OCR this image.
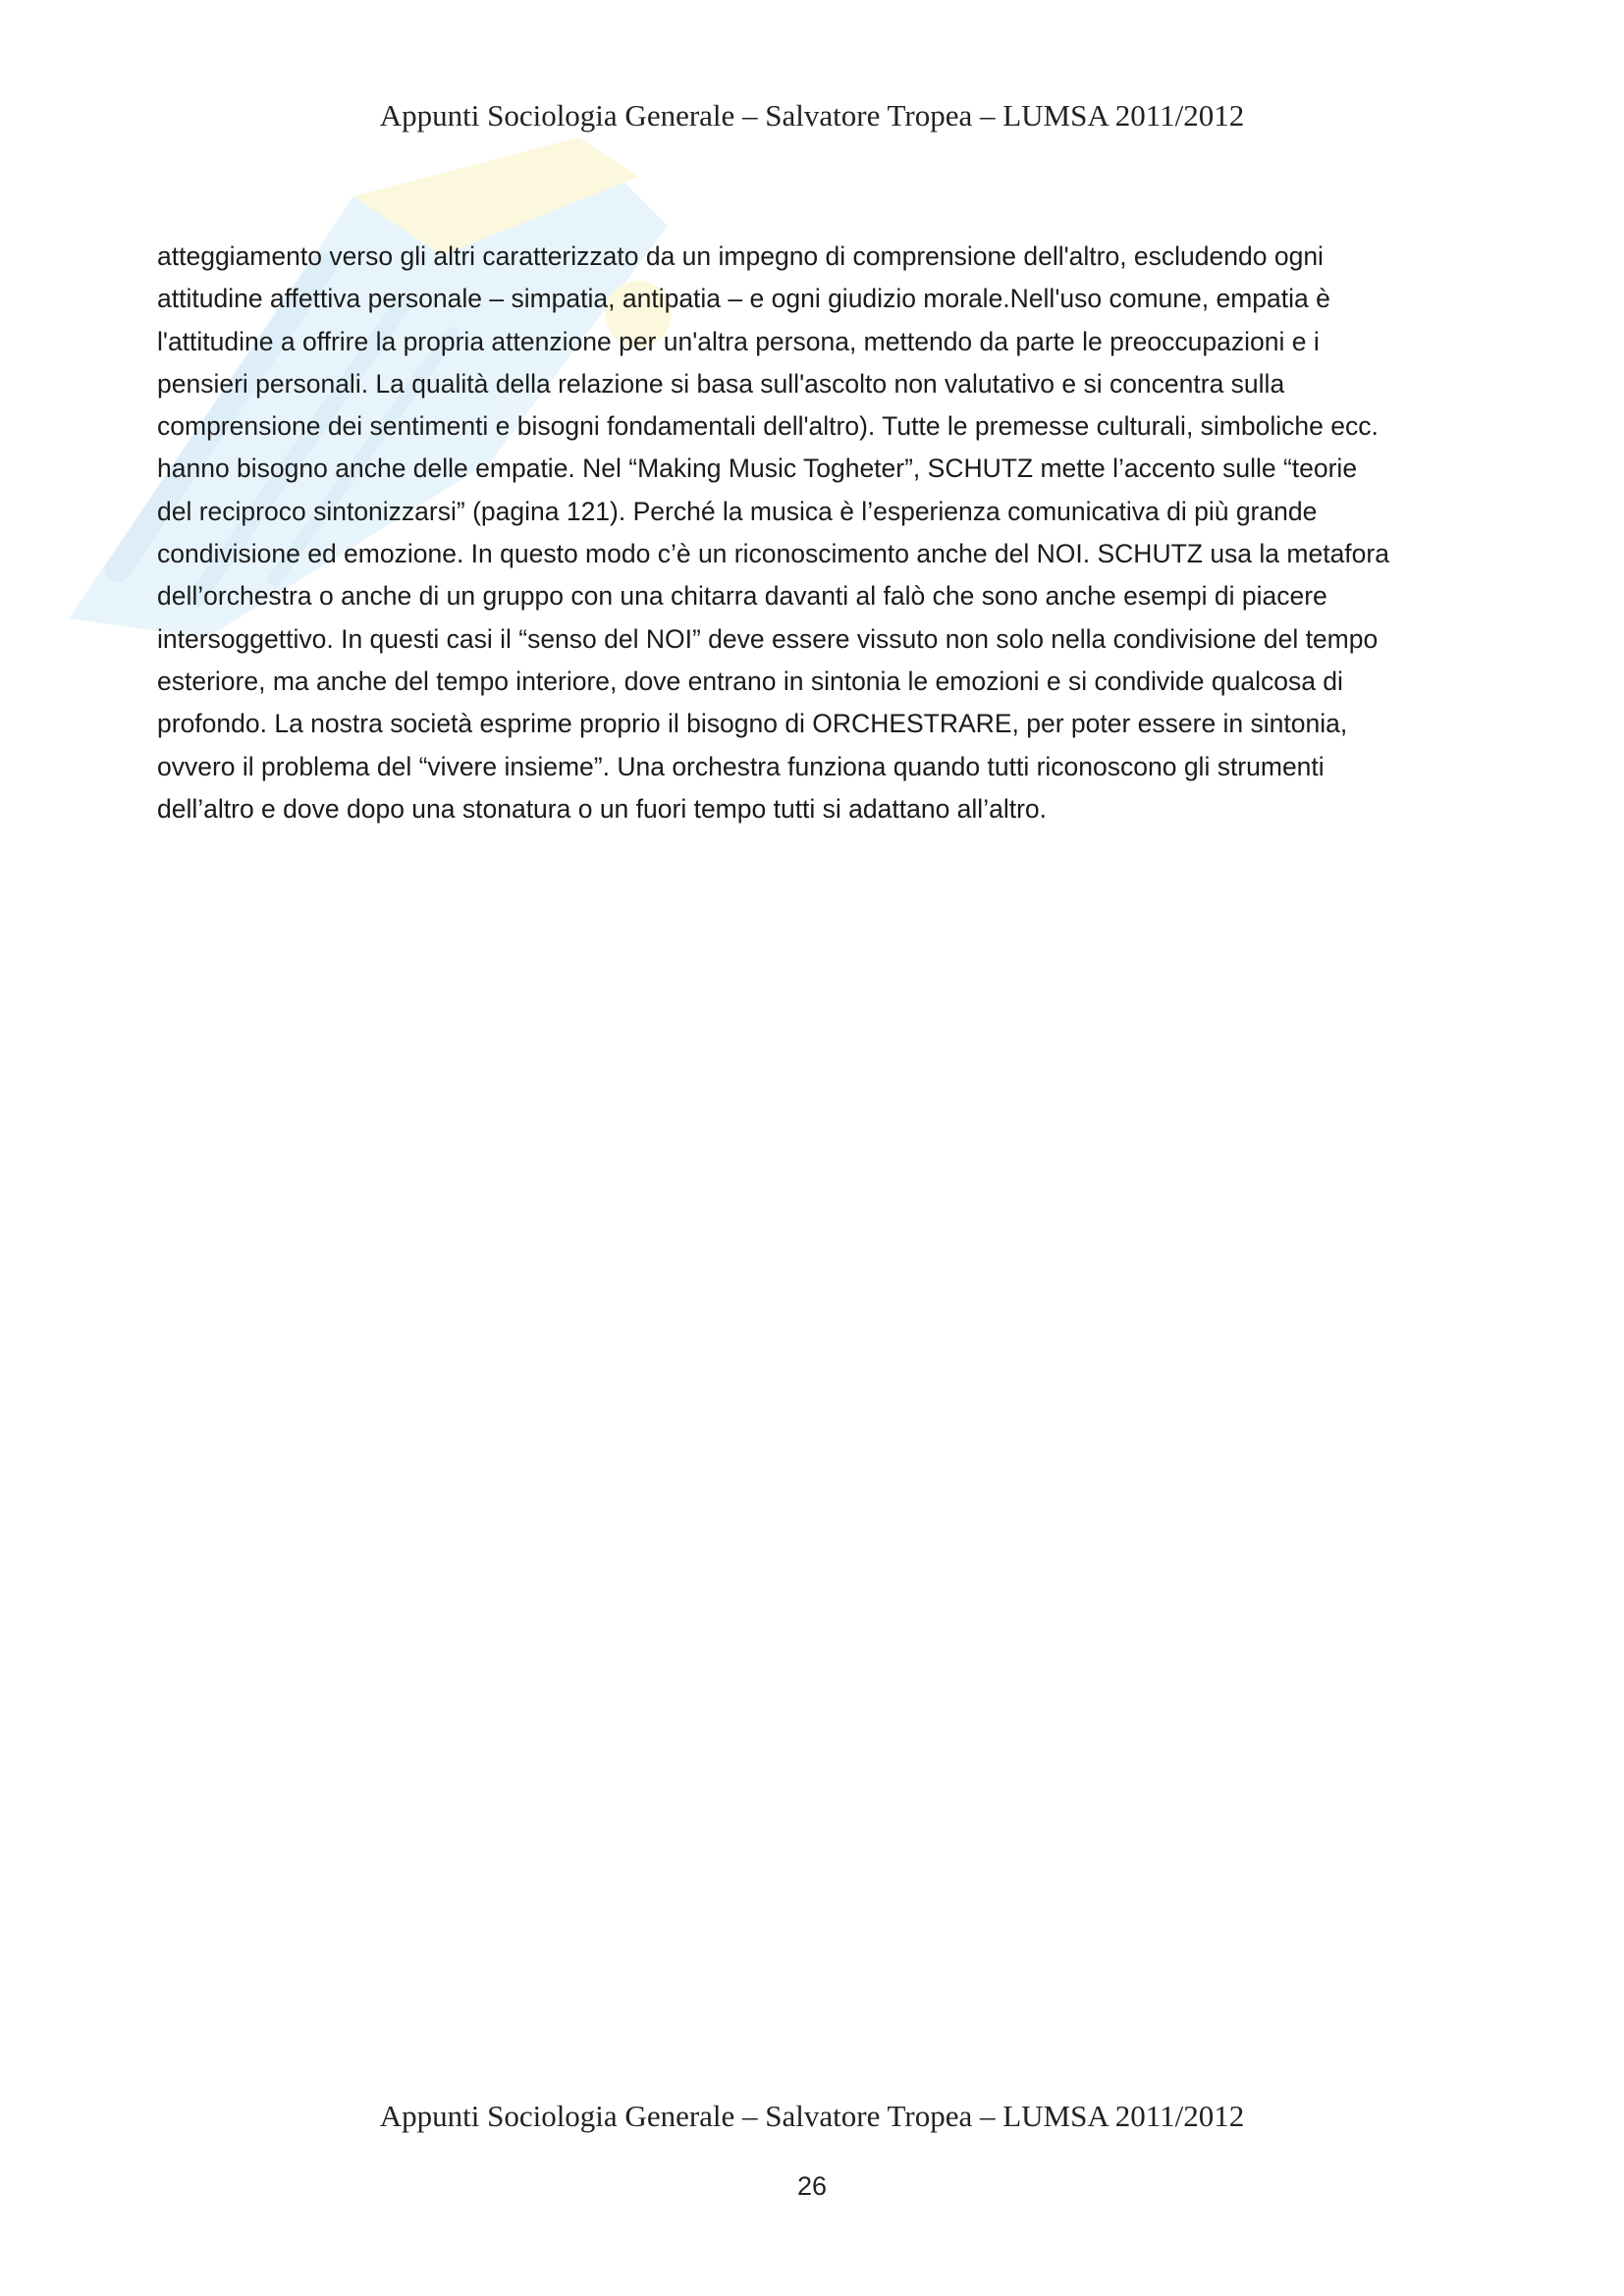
Appunti Sociologia Generale – Salvatore Tropea – LUMSA 2011/2012
atteggiamento verso gli altri caratterizzato da un impegno di comprensione dell'altro, escludendo ogni
attitudine affettiva personale – simpatia, antipatia – e ogni giudizio morale.Nell'uso comune, empatia è
l'attitudine a offrire la propria attenzione per un'altra persona, mettendo da parte le preoccupazioni e i
pensieri personali. La qualità della relazione si basa sull'ascolto non valutativo e si concentra sulla
comprensione dei sentimenti e bisogni fondamentali dell'altro). Tutte le premesse culturali, simboliche ecc.
hanno bisogno anche delle empatie. Nel “Making Music Togheter”, SCHUTZ mette l’accento sulle “teorie
del reciproco sintonizzarsi” (pagina 121). Perché la musica è l’esperienza comunicativa di più grande
condivisione ed emozione. In questo modo c’è un riconoscimento anche del NOI. SCHUTZ usa la metafora
dell’orchestra o anche di un gruppo con una chitarra davanti al falò che sono anche esempi di piacere
intersoggettivo. In questi casi il “senso del NOI” deve essere vissuto non solo nella condivisione del tempo
esteriore, ma anche del tempo interiore, dove entrano in sintonia le emozioni e si condivide qualcosa di
profondo. La nostra società esprime proprio il bisogno di ORCHESTRARE, per poter essere in sintonia,
ovvero il problema del “vivere insieme”. Una orchestra funziona quando tutti riconoscono gli strumenti
dell’altro e dove dopo una stonatura o un fuori tempo tutti si adattano all’altro.
Appunti Sociologia Generale – Salvatore Tropea – LUMSA 2011/2012
26
